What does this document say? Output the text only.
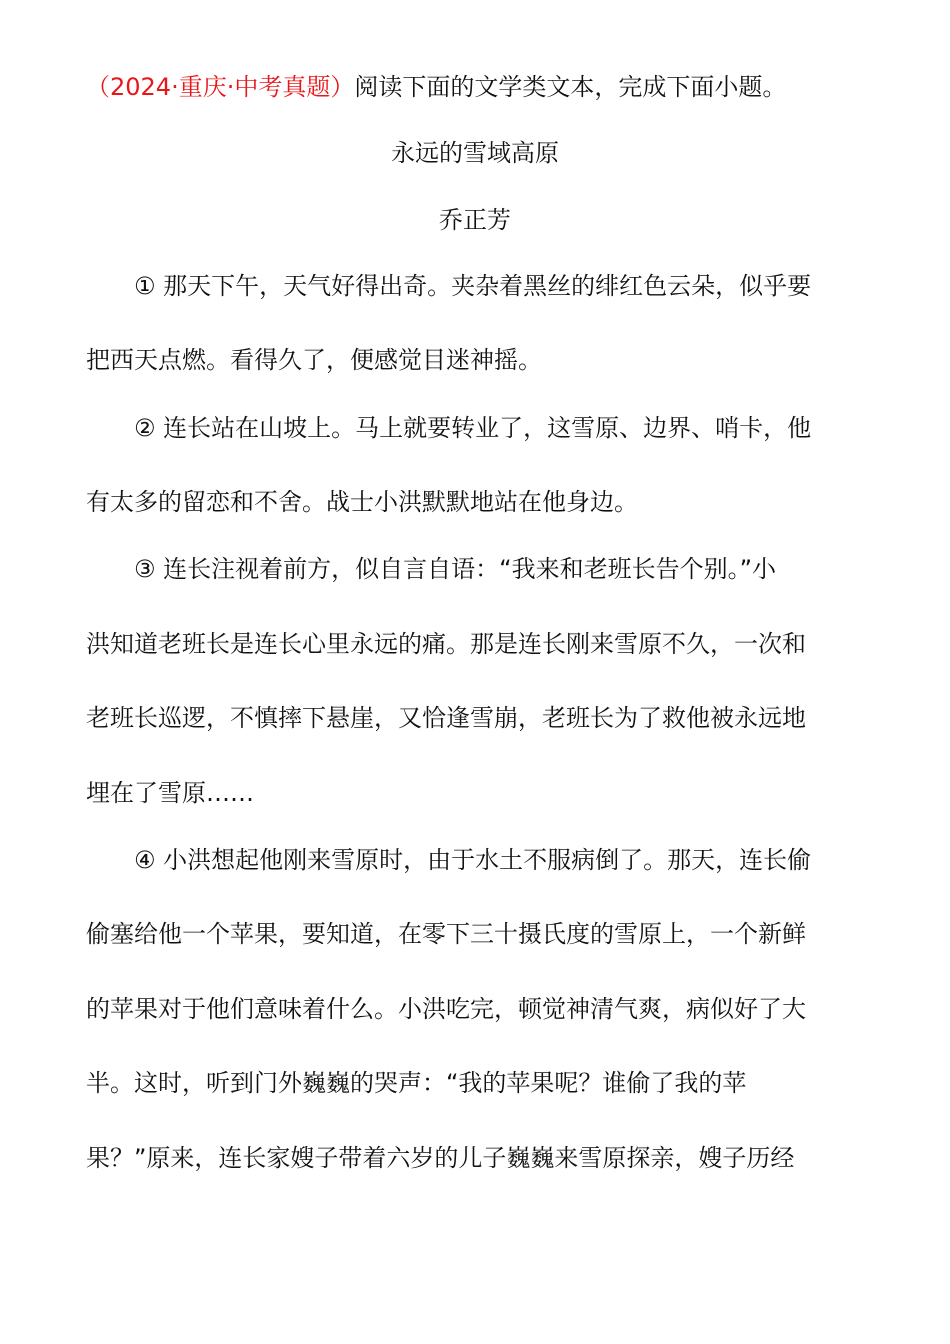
（2024·重庆·中考真题）阅读下面的文学类文本，完成下面小题。
永远的雪域高原
乔正芳
① 那天下午，天气好得出奇。夹杂着黑丝的绯红色云朵，似乎要
把西天点燃。看得久了，便感觉目迷神摇。
② 连长站在山坡上。马上就要转业了，这雪原、边界、哨卡，他
有太多的留恋和不舍。战士小洪默默地站在他身边。
③ 连长注视着前方，似自言自语：“我来和老班长告个别。”小
洪知道老班长是连长心里永远的痛。那是连长刚来雪原不久，一次和
老班长巡逻，不慎摔下悬崖，又恰逢雪崩，老班长为了救他被永远地
埋在了雪原……
④ 小洪想起他刚来雪原时，由于水土不服病倒了。那天，连长偷
偷塞给他一个苹果，要知道，在零下三十摄氏度的雪原上，一个新鲜
的苹果对于他们意味着什么。小洪吃完，顿觉神清气爽，病似好了大
半。这时，听到门外巍巍的哭声：“我的苹果呢？谁偷了我的苹
果？”原来，连长家嫂子带着六岁的儿子巍巍来雪原探亲，嫂子历经
